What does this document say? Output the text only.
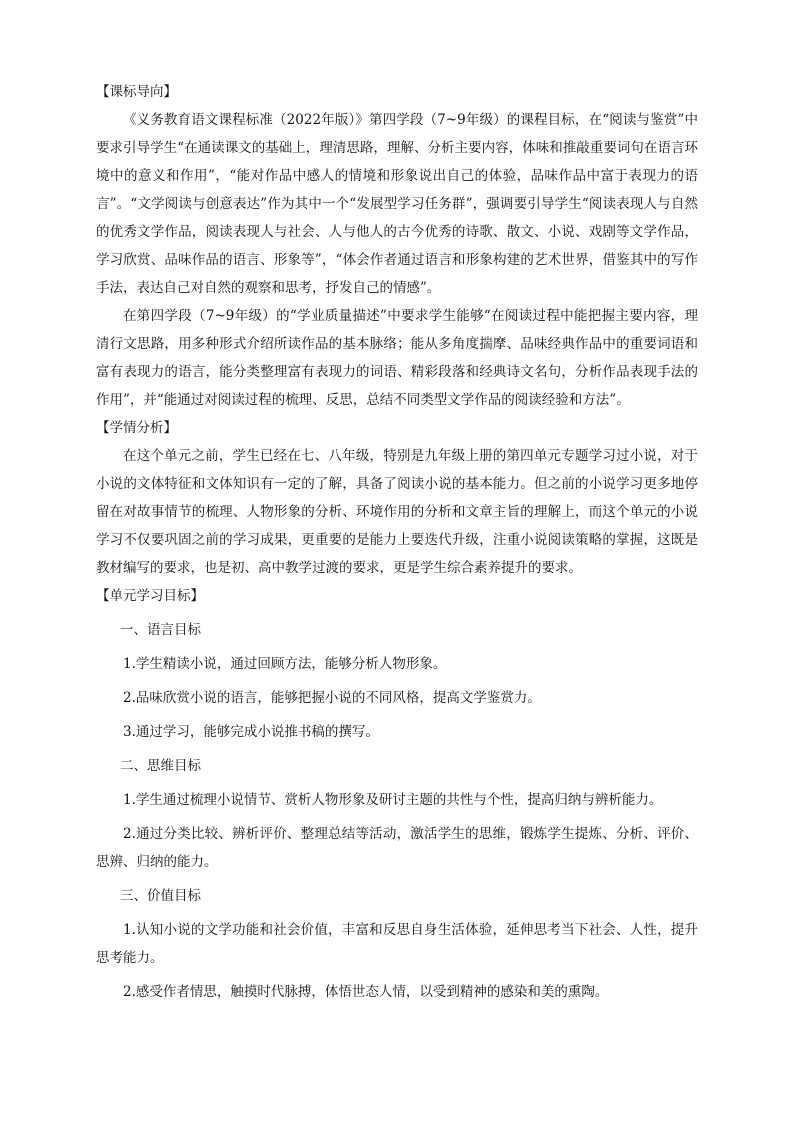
【课标导向】

《义务教育语文课程标准（2022年版）》第四学段（7~9年级）的课程目标，在“阅读与鉴赏”中要求引导学生“在通读课文的基础上，理清思路，理解、分析主要内容，体味和推敲重要词句在语言环境中的意义和作用”，“能对作品中感人的情境和形象说出自己的体验，品味作品中富于表现力的语言”。“文学阅读与创意表达”作为其中一个“发展型学习任务群”，强调要引导学生“阅读表现人与自然的优秀文学作品，阅读表现人与社会、人与他人的古今优秀的诗歌、散文、小说、戏剧等文学作品，学习欣赏、品味作品的语言、形象等”，“体会作者通过语言和形象构建的艺术世界，借鉴其中的写作手法，表达自己对自然的观察和思考，抒发自己的情感”。

在第四学段（7~9年级）的“学业质量描述”中要求学生能够“在阅读过程中能把握主要内容，理清行文思路，用多种形式介绍所读作品的基本脉络；能从多角度揣摩、品味经典作品中的重要词语和富有表现力的语言，能分类整理富有表现力的词语、精彩段落和经典诗文名句，分析作品表现手法的作用”，并“能通过对阅读过程的梳理、反思，总结不同类型文学作品的阅读经验和方法”。

【学情分析】

在这个单元之前，学生已经在七、八年级，特别是九年级上册的第四单元专题学习过小说，对于小说的文体特征和文体知识有一定的了解，具备了阅读小说的基本能力。但之前的小说学习更多地停留在对故事情节的梳理、人物形象的分析、环境作用的分析和文章主旨的理解上，而这个单元的小说学习不仅要巩固之前的学习成果，更重要的是能力上要迭代升级，注重小说阅读策略的掌握，这既是教材编写的要求，也是初、高中教学过渡的要求，更是学生综合素养提升的要求。

【单元学习目标】

一、语言目标

1.学生精读小说，通过回顾方法，能够分析人物形象。

2.品味欣赏小说的语言，能够把握小说的不同风格，提高文学鉴赏力。

3.通过学习，能够完成小说推书稿的撰写。

二、思维目标

1.学生通过梳理小说情节、赏析人物形象及研讨主题的共性与个性，提高归纳与辨析能力。

2.通过分类比较、辨析评价、整理总结等活动，激活学生的思维，锻炼学生提炼、分析、评价、思辨、归纳的能力。

三、价值目标

1.认知小说的文学功能和社会价值，丰富和反思自身生活体验，延伸思考当下社会、人性，提升思考能力。

2.感受作者情思，触摸时代脉搏，体悟世态人情，以受到精神的感染和美的熏陶。
